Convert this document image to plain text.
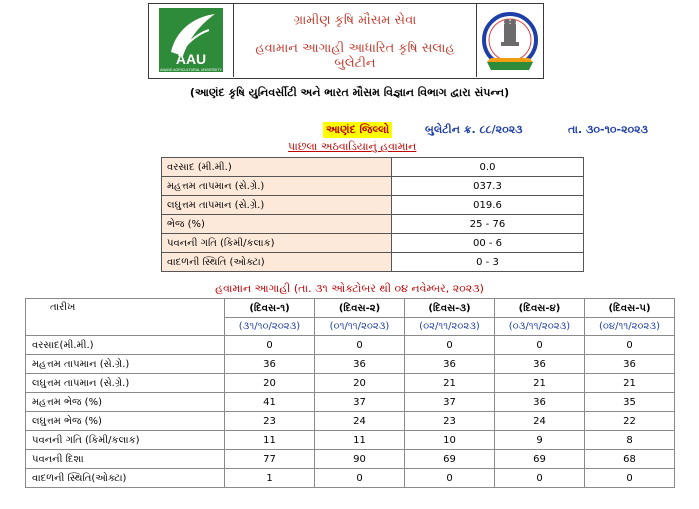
AAU
ANAND AGRICULTURAL UNIVERSITY
ગ્રામીણ કૃષિ મૌસમ સેવા
હવામાન આગાહી આધારિત કૃષિ સલાહ બુલેટીન
(આણંદ કૃષિ યુનિવર્સીટી અને ભારત મૌસમ વિજ્ઞાન વિભાગ દ્વારા સંપન્ન)
આણંદ જિલ્લો	બુલેટીન ક્ર. ૮૮/૨૦૨૩	તા. ૩૦-૧૦-૨૦૨૩
પાછલા અઠવાડિયાનું હવામાન
વરસાદ (મી.મી.)	0.0
મહત્તમ તાપમાન (સે.ગ્રે.)	037.3
લઘુત્તમ તાપમાન (સે.ગ્રે.)	019.6
ભેજ (%)	25 - 76
પવનની ગતિ (કિમી/કલાક)	00 - 6
વાદળની સ્થિતિ (ઓક્ટા)	0 - 3
હવામાન આગાહી (તા. ૩૧ ઓક્ટોબર થી ૦૪ નવેમ્બર, ૨૦૨૩)
તારીખ	(દિવસ-૧)	(દિવસ-૨)	(દિવસ-૩)	(દિવસ-૪)	(દિવસ-૫)
	(૩૧/૧૦/૨૦૨૩)	(૦૧/૧૧/૨૦૨૩)	(૦૨/૧૧/૨૦૨૩)	(૦૩/૧૧/૨૦૨૩)	(૦૪/૧૧/૨૦૨૩)
વરસાદ(મી.મી.)	0	0	0	0	0
મહત્તમ તાપમાન (સે.ગ્રે.)	36	36	36	36	36
લઘુત્તમ તાપમાન (સે.ગ્રે.)	20	20	21	21	21
મહત્તમ ભેજ (%)	41	37	37	36	35
લઘુત્તમ ભેજ (%)	23	24	23	24	22
પવનની ગતિ (કિમી/કલાક)	11	11	10	9	8
પવનની દિશા	77	90	69	69	68
વાદળની સ્થિતિ(ઓક્ટા)	1	0	0	0	0
